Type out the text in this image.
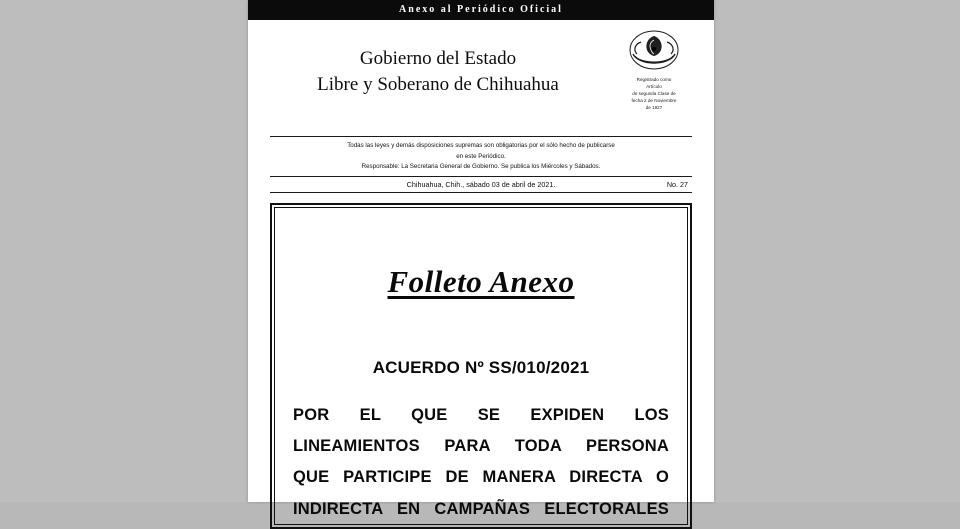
Anexo al Periódico Oficial
Gobierno del Estado
Libre y Soberano de Chihuahua	Registrado como
Artículo
de segunda Clase de
fecha 2 de Noviembre
de 1927
Todas las leyes y demás disposiciones supremas son obligatorias por el sólo hecho de publicarse
en este Periódico.
Responsable: La Secretaria General de Gobierno. Se publica los Miércoles y Sábados.
Chihuahua, Chih., sábado 03 de abril de 2021.	No. 27
Folleto Anexo
ACUERDO Nº SS/010/2021

POR EL QUE SE EXPIDEN LOS

LINEAMIENTOS PARA TODA PERSONA

QUE PARTICIPE DE MANERA DIRECTA O

INDIRECTA EN CAMPAÑAS ELECTORALES
